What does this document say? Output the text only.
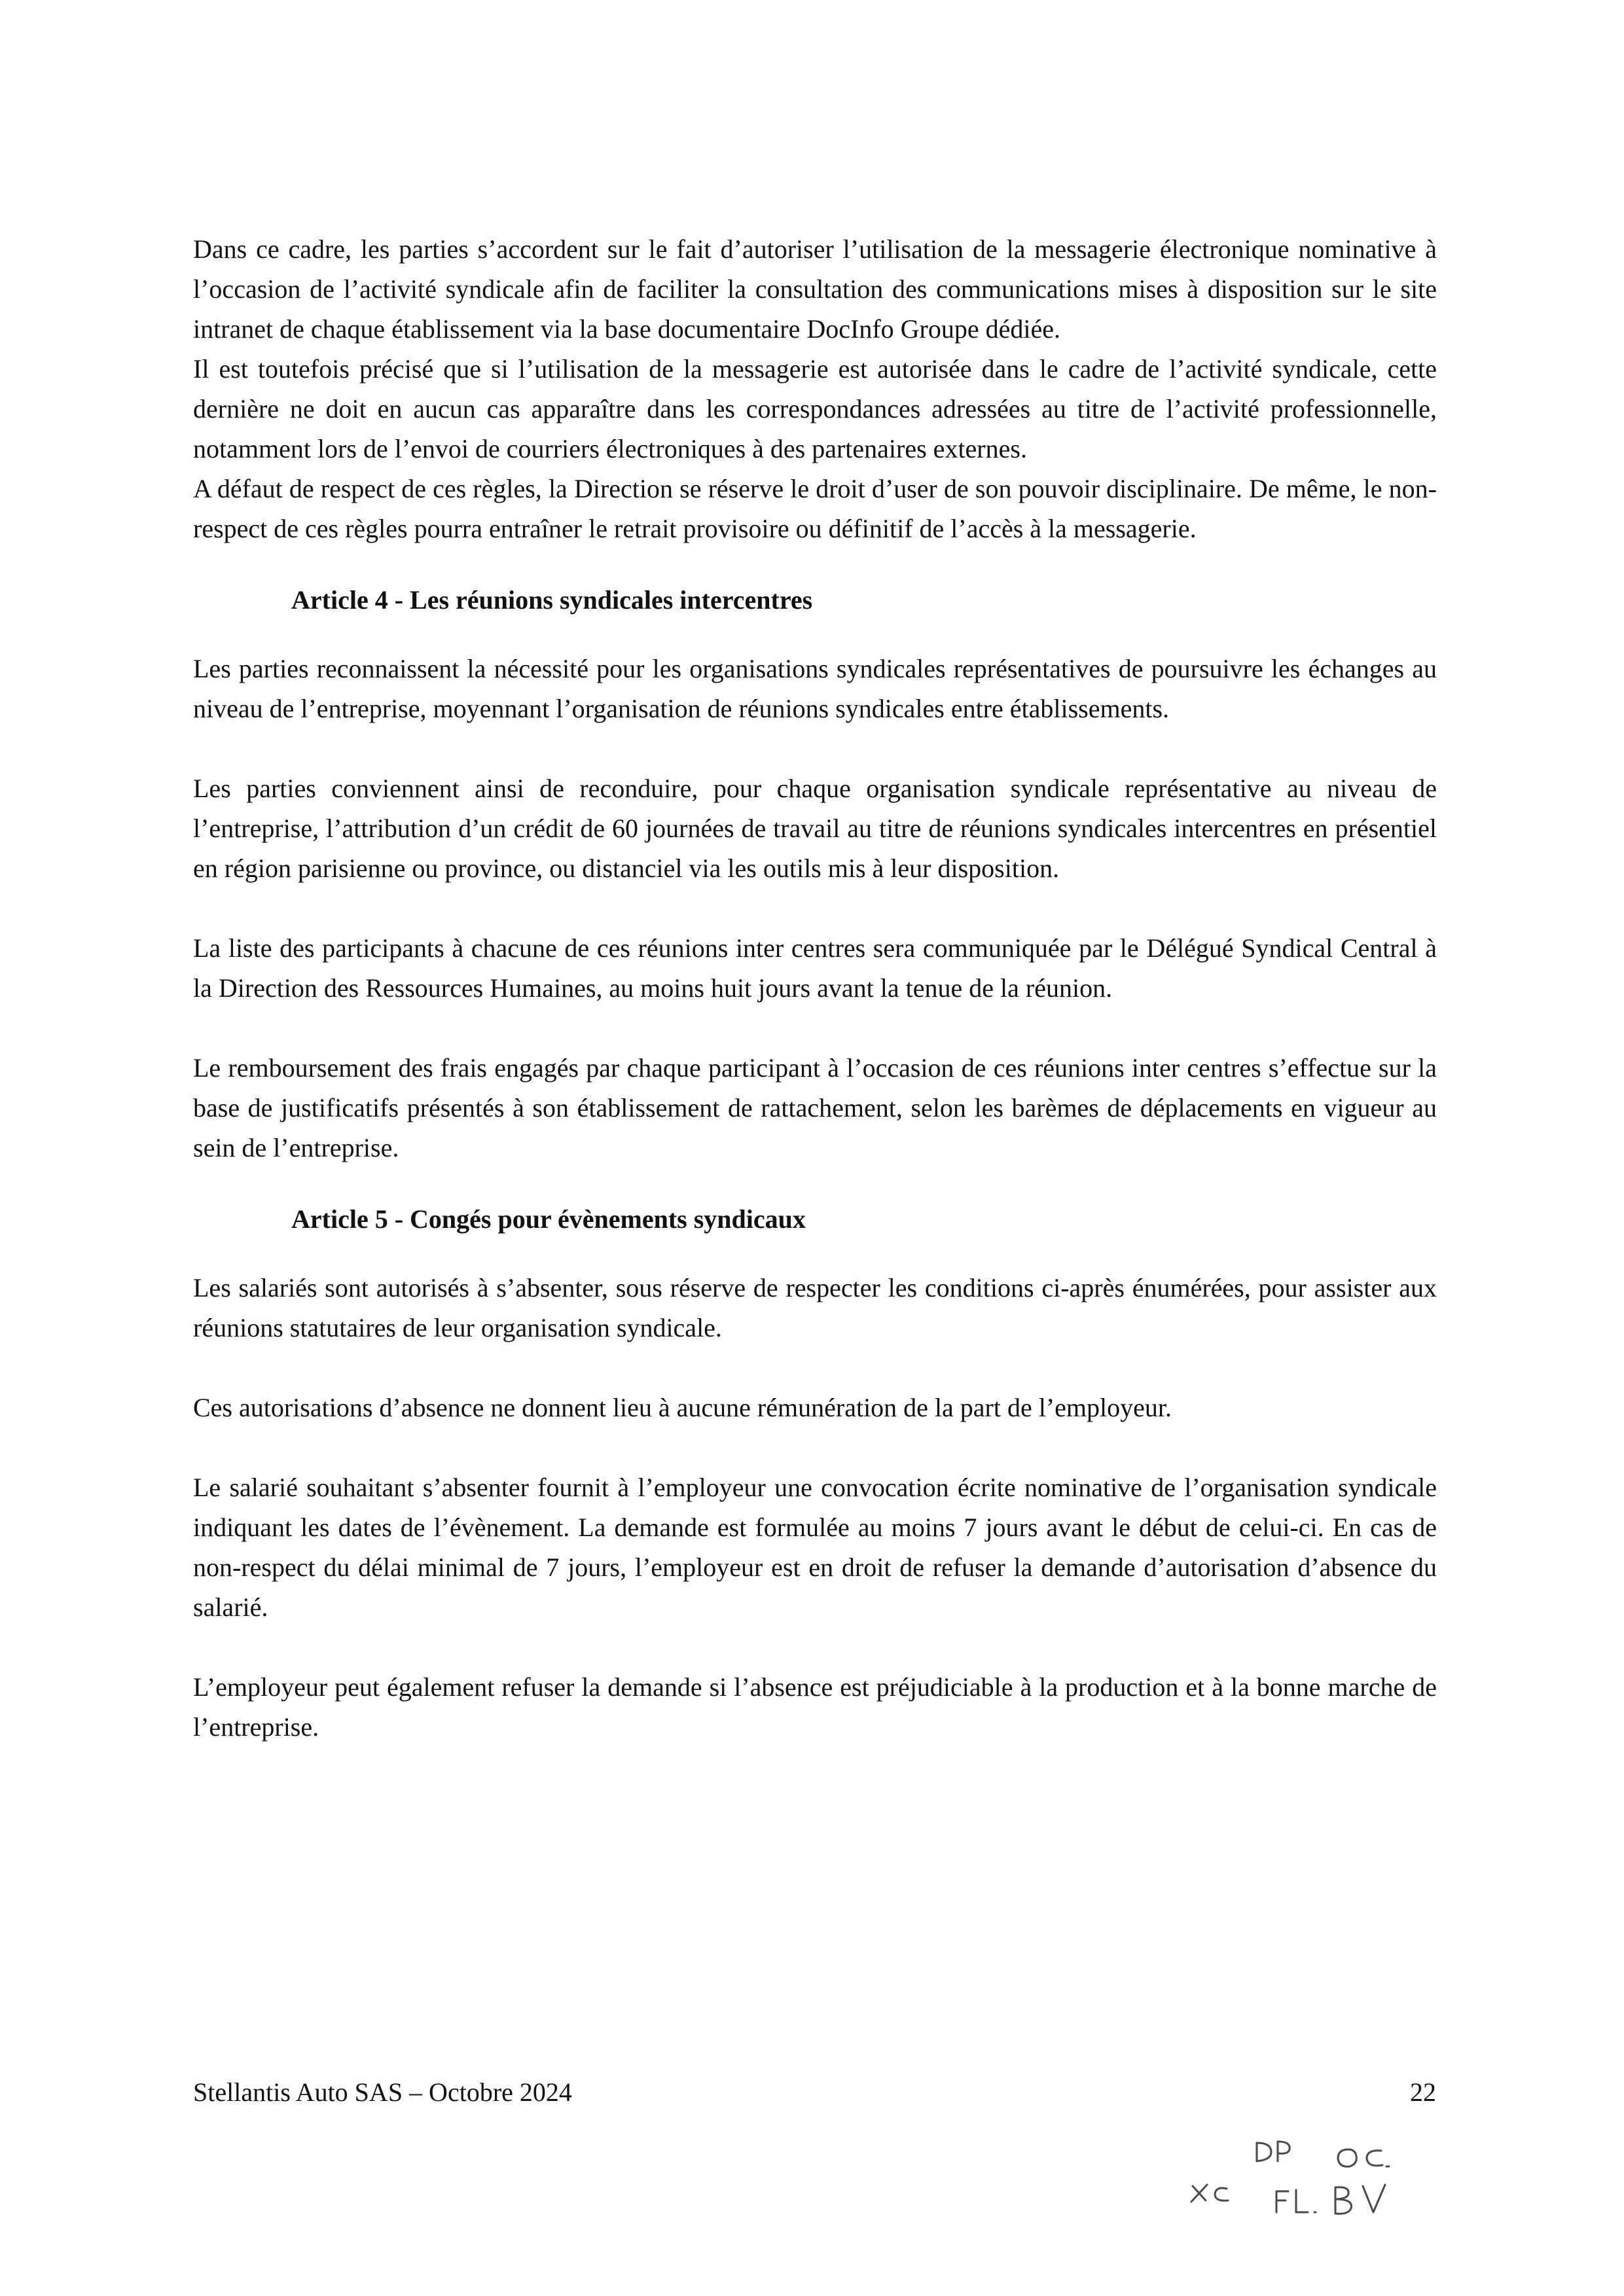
Dans ce cadre, les parties s’accordent sur le fait d’autoriser l’utilisation de la messagerie électronique nominative à l’occasion de l’activité syndicale afin de faciliter la consultation des communications mises à disposition sur le site intranet de chaque établissement via la base documentaire DocInfo Groupe dédiée.

Il est toutefois précisé que si l’utilisation de la messagerie est autorisée dans le cadre de l’activité syndicale, cette dernière ne doit en aucun cas apparaître dans les correspondances adressées au titre de l’activité professionnelle, notamment lors de l’envoi de courriers électroniques à des partenaires externes.

A défaut de respect de ces règles, la Direction se réserve le droit d’user de son pouvoir disciplinaire. De même, le non-respect de ces règles pourra entraîner le retrait provisoire ou définitif de l’accès à la messagerie.

Article 4 - Les réunions syndicales intercentres

Les parties reconnaissent la nécessité pour les organisations syndicales représentatives de poursuivre les échanges au niveau de l’entreprise, moyennant l’organisation de réunions syndicales entre établissements.

Les parties conviennent ainsi de reconduire, pour chaque organisation syndicale représentative au niveau de l’entreprise, l’attribution d’un crédit de 60 journées de travail au titre de réunions syndicales intercentres en présentiel en région parisienne ou province, ou distanciel via les outils mis à leur disposition.

La liste des participants à chacune de ces réunions inter centres sera communiquée par le Délégué Syndical Central à la Direction des Ressources Humaines, au moins huit jours avant la tenue de la réunion.

Le remboursement des frais engagés par chaque participant à l’occasion de ces réunions inter centres s’effectue sur la base de justificatifs présentés à son établissement de rattachement, selon les barèmes de déplacements en vigueur au sein de l’entreprise.

Article 5 - Congés pour évènements syndicaux

Les salariés sont autorisés à s’absenter, sous réserve de respecter les conditions ci-après énumérées, pour assister aux réunions statutaires de leur organisation syndicale.

Ces autorisations d’absence ne donnent lieu à aucune rémunération de la part de l’employeur.

Le salarié souhaitant s’absenter fournit à l’employeur une convocation écrite nominative de l’organisation syndicale indiquant les dates de l’évènement. La demande est formulée au moins 7 jours avant le début de celui-ci. En cas de non-respect du délai minimal de 7 jours, l’employeur est en droit de refuser la demande d’autorisation d’absence du salarié.

L’employeur peut également refuser la demande si l’absence est préjudiciable à la production et à la bonne marche de l’entreprise.

Stellantis Auto SAS – Octobre 2024	22
